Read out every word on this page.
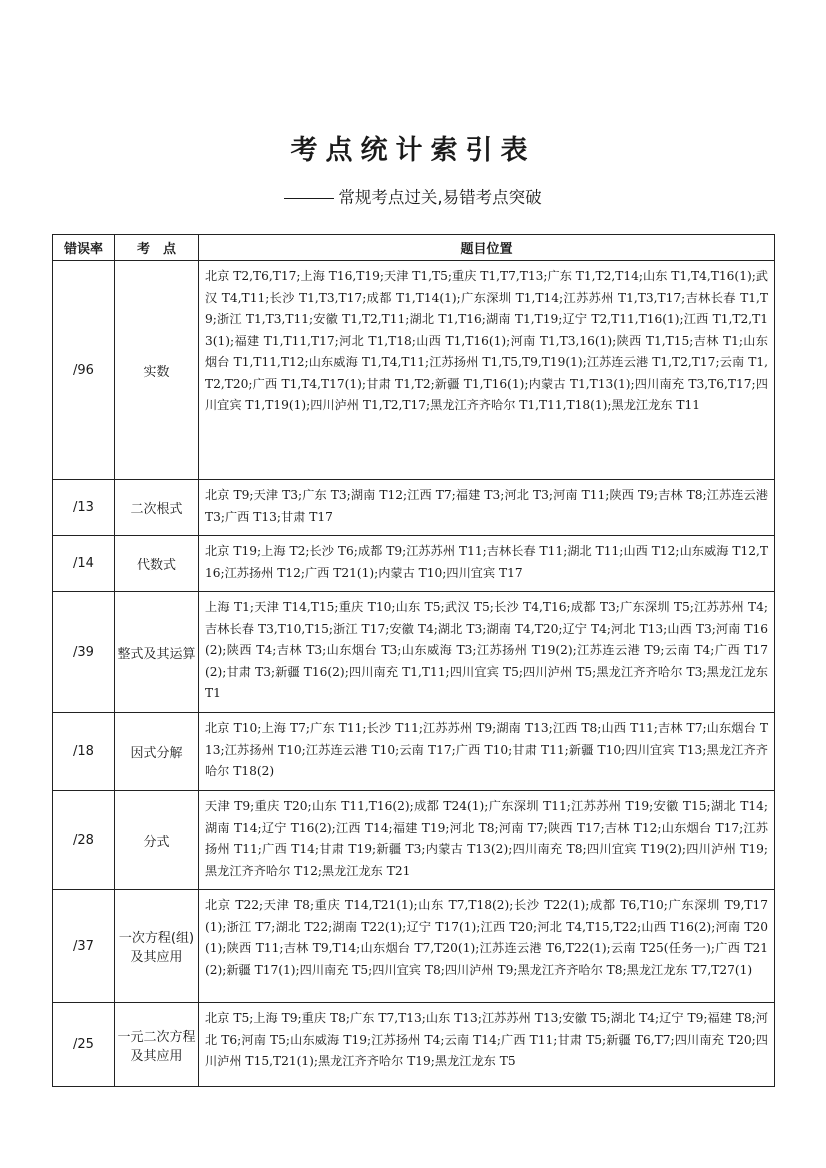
考点统计索引表
常规考点过关,易错考点突破
错误率	考　点	题目位置
/96	实数	北京 T2,T6,T17;上海 T16,T19;天津 T1,T5;重庆 T1,T7,T13;广东 T1,T2,T14;山东 T1,T4,T16(1);武汉 T4,T11;长沙 T1,T3,T17;成都 T1,T14(1);广东深圳 T1,T14;江苏苏州 T1,T3,T17;吉林长春 T1,T9;浙江 T1,T3,T11;安徽 T1,T2,T11;湖北 T1,T16;湖南 T1,T19;辽宁 T2,T11,T16(1);江西 T1,T2,T13(1);福建 T1,T11,T17;河北 T1,T18;山西 T1,T16(1);河南 T1,T3,16(1);陕西 T1,T15;吉林 T1;山东烟台 T1,T11,T12;山东威海 T1,T4,T11;江苏扬州 T1,T5,T9,T19(1);江苏连云港 T1,T2,T17;云南 T1,T2,T20;广西 T1,T4,T17(1);甘肃 T1,T2;新疆 T1,T16(1);内蒙古 T1,T13(1);四川南充 T3,T6,T17;四川宜宾 T1,T19(1);四川泸州 T1,T2,T17;黑龙江齐齐哈尔 T1,T11,T18(1);黑龙江龙东 T11
/13	二次根式	北京 T9;天津 T3;广东 T3;湖南 T12;江西 T7;福建 T3;河北 T3;河南 T11;陕西 T9;吉林 T8;江苏连云港 T3;广西 T13;甘肃 T17
/14	代数式	北京 T19;上海 T2;长沙 T6;成都 T9;江苏苏州 T11;吉林长春 T11;湖北 T11;山西 T12;山东威海 T12,T16;江苏扬州 T12;广西 T21(1);内蒙古 T10;四川宜宾 T17
/39	整式及其运算	上海 T1;天津 T14,T15;重庆 T10;山东 T5;武汉 T5;长沙 T4,T16;成都 T3;广东深圳 T5;江苏苏州 T4;吉林长春 T3,T10,T15;浙江 T17;安徽 T4;湖北 T3;湖南 T4,T20;辽宁 T4;河北 T13;山西 T3;河南 T16(2);陕西 T4;吉林 T3;山东烟台 T3;山东威海 T3;江苏扬州 T19(2);江苏连云港 T9;云南 T4;广西 T17(2);甘肃 T3;新疆 T16(2);四川南充 T1,T11;四川宜宾 T5;四川泸州 T5;黑龙江齐齐哈尔 T3;黑龙江龙东 T1
/18	因式分解	北京 T10;上海 T7;广东 T11;长沙 T11;江苏苏州 T9;湖南 T13;江西 T8;山西 T11;吉林 T7;山东烟台 T13;江苏扬州 T10;江苏连云港 T10;云南 T17;广西 T10;甘肃 T11;新疆 T10;四川宜宾 T13;黑龙江齐齐哈尔 T18(2)
/28	分式	天津 T9;重庆 T20;山东 T11,T16(2);成都 T24(1);广东深圳 T11;江苏苏州 T19;安徽 T15;湖北 T14;湖南 T14;辽宁 T16(2);江西 T14;福建 T19;河北 T8;河南 T7;陕西 T17;吉林 T12;山东烟台 T17;江苏扬州 T11;广西 T14;甘肃 T19;新疆 T3;内蒙古 T13(2);四川南充 T8;四川宜宾 T19(2);四川泸州 T19;黑龙江齐齐哈尔 T12;黑龙江龙东 T21
/37	一次方程(组)及其应用	北京 T22;天津 T8;重庆 T14,T21(1);山东 T7,T18(2);长沙 T22(1);成都 T6,T10;广东深圳 T9,T17(1);浙江 T7;湖北 T22;湖南 T22(1);辽宁 T17(1);江西 T20;河北 T4,T15,T22;山西 T16(2);河南 T20(1);陕西 T11;吉林 T9,T14;山东烟台 T7,T20(1);江苏连云港 T6,T22(1);云南 T25(任务一);广西 T21(2);新疆 T17(1);四川南充 T5;四川宜宾 T8;四川泸州 T9;黑龙江齐齐哈尔 T8;黑龙江龙东 T7,T27(1)
/25	一元二次方程及其应用	北京 T5;上海 T9;重庆 T8;广东 T7,T13;山东 T13;江苏苏州 T13;安徽 T5;湖北 T4;辽宁 T9;福建 T8;河北 T6;河南 T5;山东威海 T19;江苏扬州 T4;云南 T14;广西 T11;甘肃 T5;新疆 T6,T7;四川南充 T20;四川泸州 T15,T21(1);黑龙江齐齐哈尔 T19;黑龙江龙东 T5
